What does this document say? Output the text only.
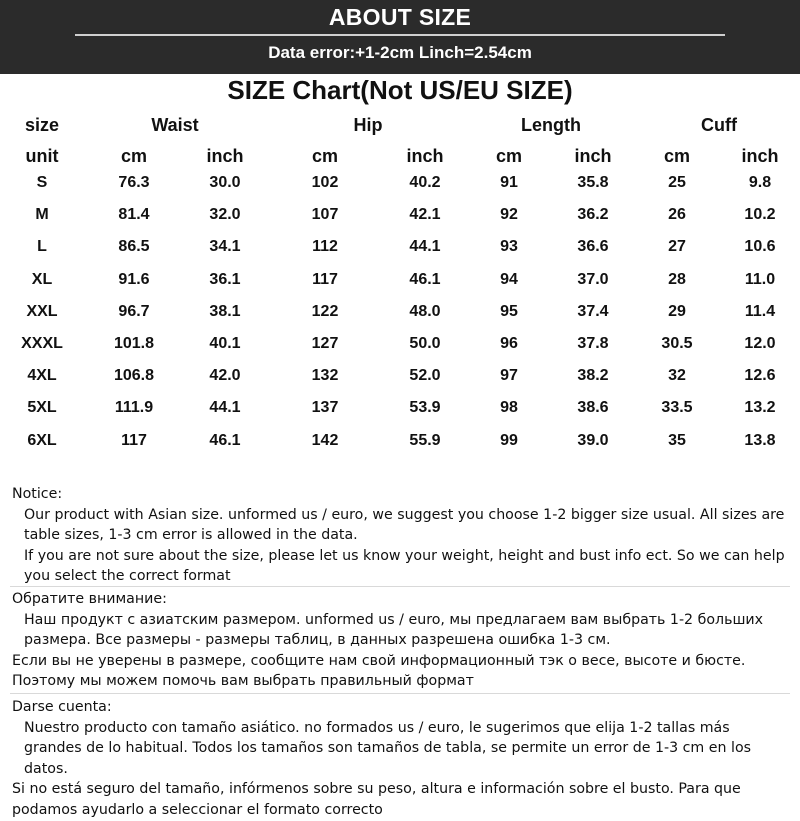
ABOUT SIZE
Data error:+1-2cm Linch=2.54cm
SIZE Chart(Not US/EU SIZE)
size	Waist	Hip	Length	Cuff
unit	cm	inch	cm	inch	cm	inch	cm	inch
S	76.3	30.0	102	40.2	91	35.8	25	9.8
M	81.4	32.0	107	42.1	92	36.2	26	10.2
L	86.5	34.1	112	44.1	93	36.6	27	10.6
XL	91.6	36.1	117	46.1	94	37.0	28	11.0
XXL	96.7	38.1	122	48.0	95	37.4	29	11.4
XXXL	101.8	40.1	127	50.0	96	37.8	30.5	12.0
4XL	106.8	42.0	132	52.0	97	38.2	32	12.6
5XL	111.9	44.1	137	53.9	98	38.6	33.5	13.2
6XL	117	46.1	142	55.9	99	39.0	35	13.8

Notice:

Our product with Asian size. unformed us / euro, we suggest you choose 1-2 bigger size usual. All sizes are table sizes, 1-3 cm error is allowed in the data.

If you are not sure about the size, please let us know your weight, height and bust info ect. So we can help you select the correct format

Обратите внимание:

Наш продукт с азиатским размером. unformed us / euro, мы предлагаем вам выбрать 1-2 больших размера. Все размеры - размеры таблиц, в данных разрешена ошибка 1-3 см.

Если вы не уверены в размере, сообщите нам свой информационный тэк о весе, высоте и бюсте. Поэтому мы можем помочь вам выбрать правильный формат

Darse cuenta:

Nuestro producto con tamaño asiático. no formados us / euro, le sugerimos que elija 1-2 tallas más grandes de lo habitual. Todos los tamaños son tamaños de tabla, se permite un error de 1-3 cm en los datos.

Si no está seguro del tamaño, infórmenos sobre su peso, altura e información sobre el busto. Para que podamos ayudarlo a seleccionar el formato correcto
